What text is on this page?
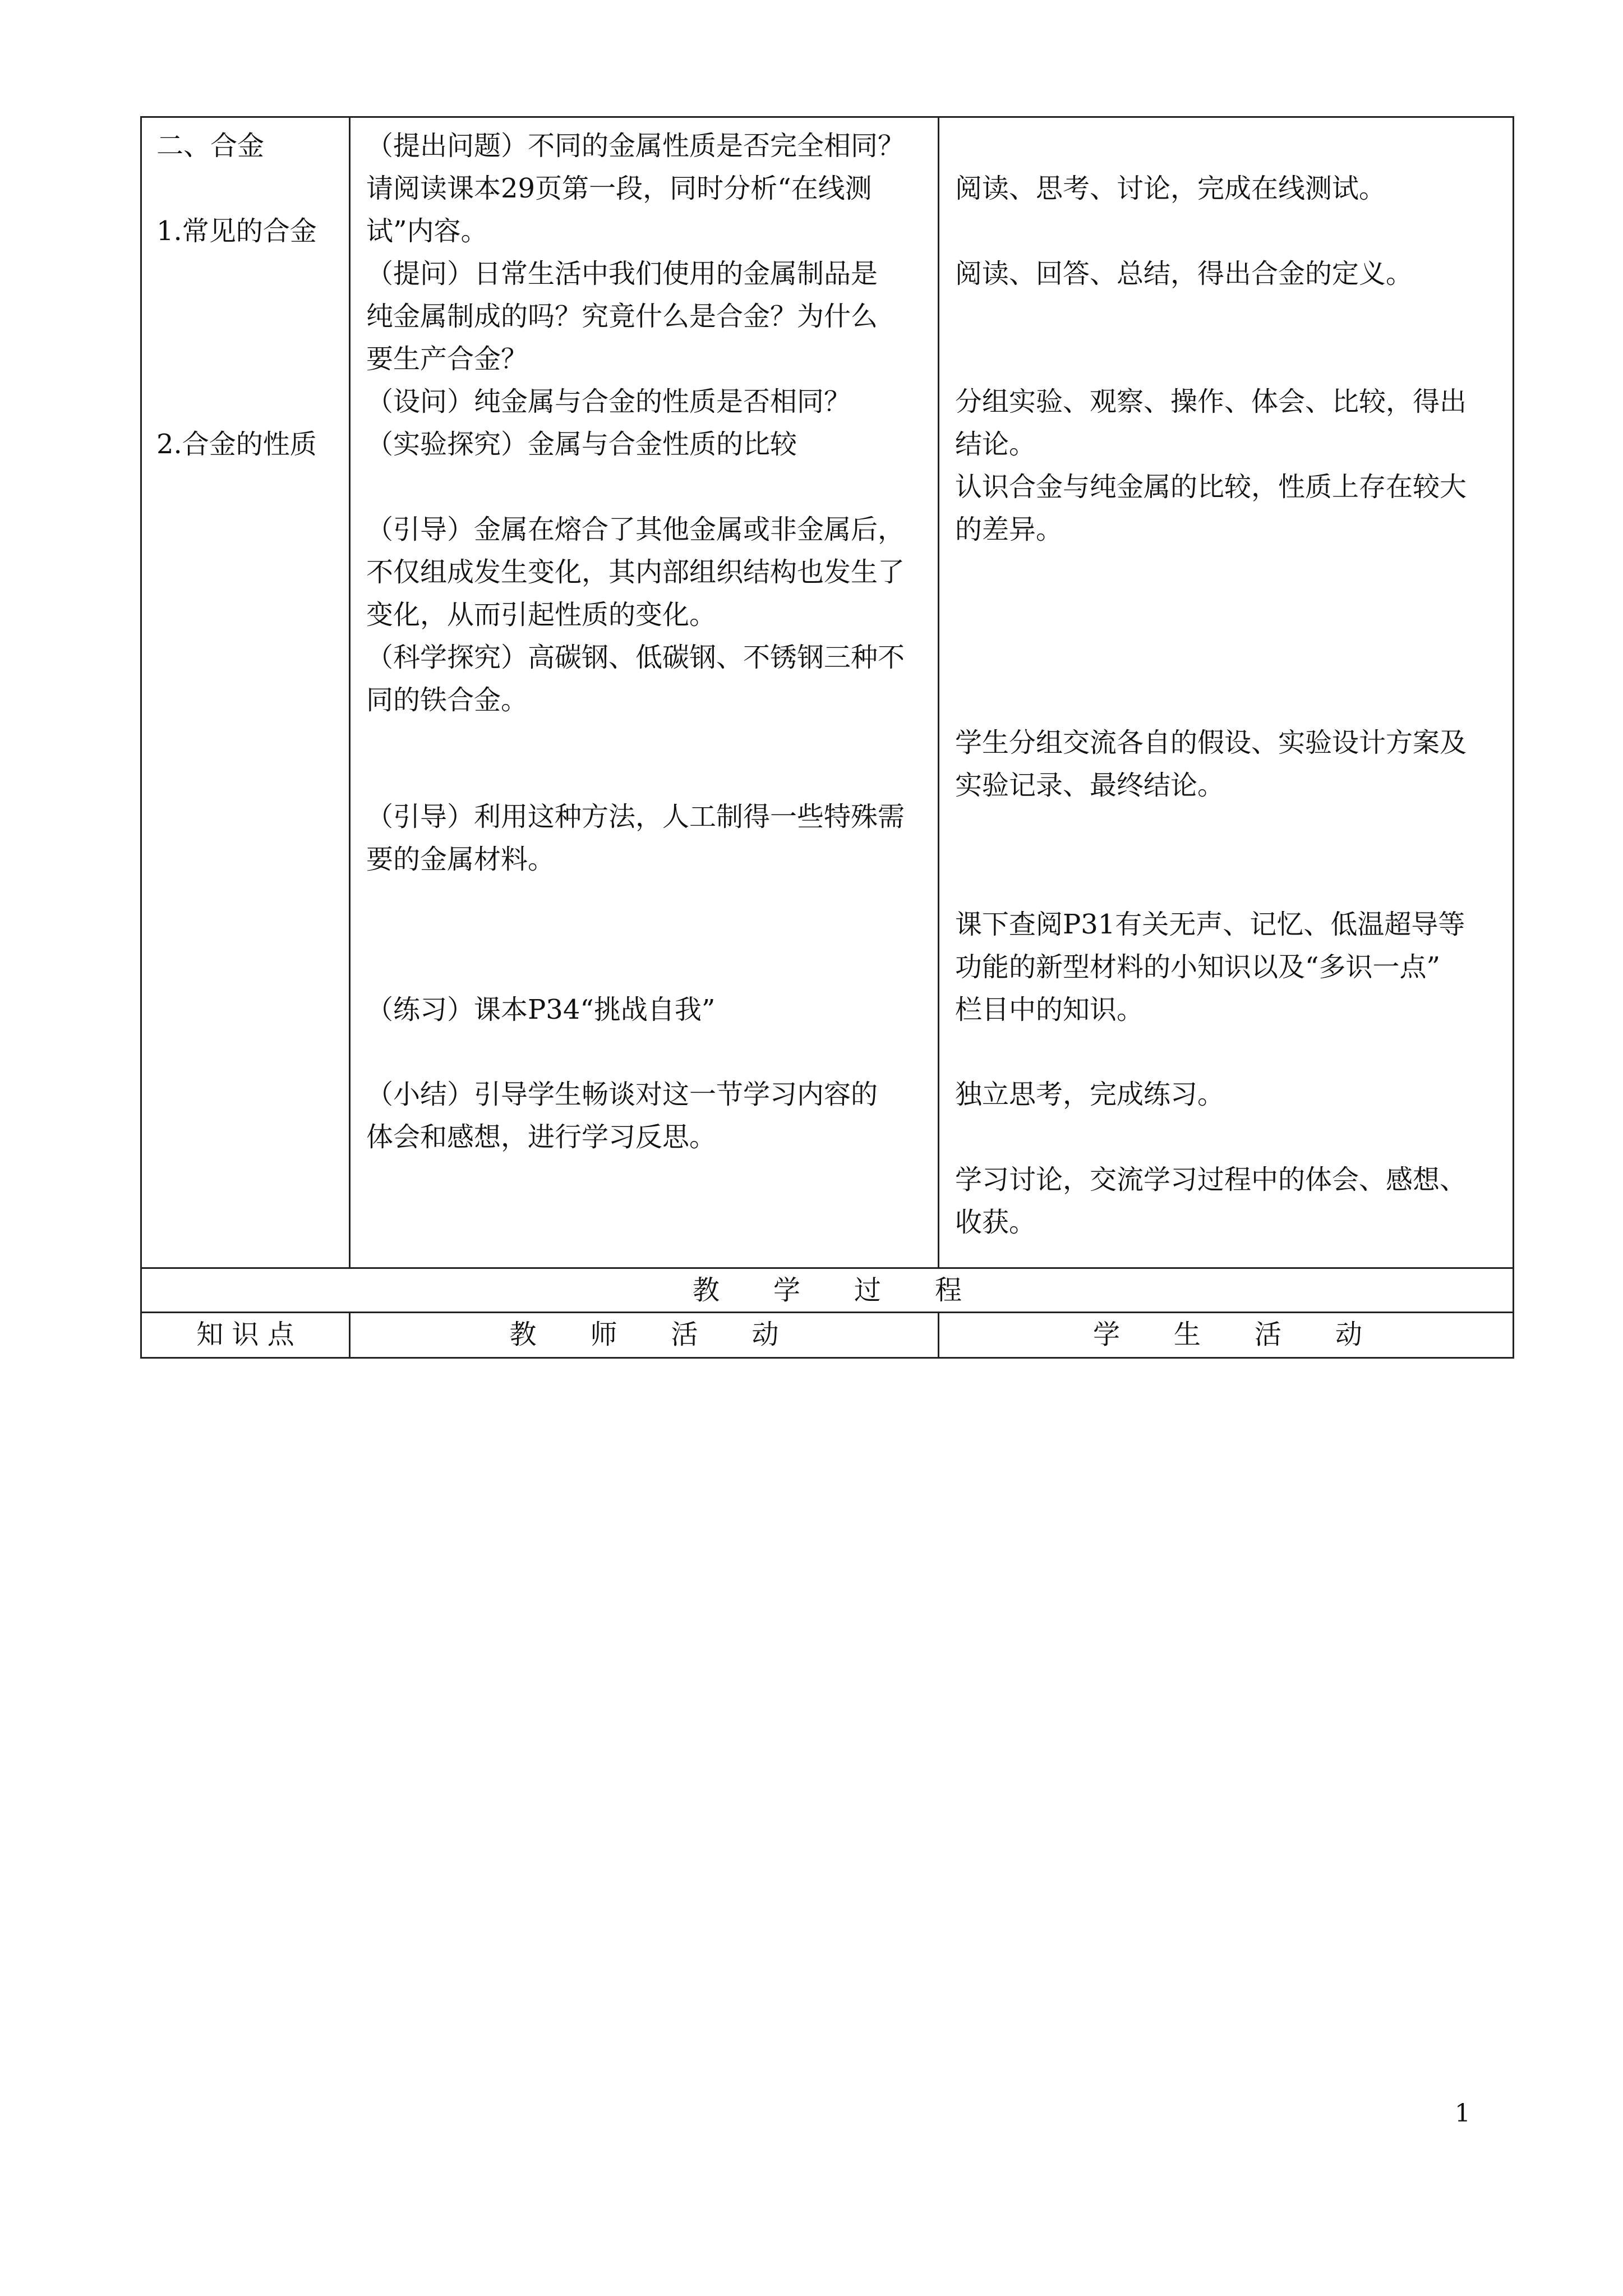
二、合金
1.常见的合金
2.合金的性质
（提出问题）不同的金属性质是否完全相同？
请阅读课本29页第一段，同时分析“在线测
试”内容。
（提问）日常生活中我们使用的金属制品是
纯金属制成的吗？究竟什么是合金？为什么
要生产合金？
（设问）纯金属与合金的性质是否相同？
（实验探究）金属与合金性质的比较
（引导）金属在熔合了其他金属或非金属后，
不仅组成发生变化，其内部组织结构也发生了
变化，从而引起性质的变化。
（科学探究）高碳钢、低碳钢、不锈钢三种不
同的铁合金。
（引导）利用这种方法，人工制得一些特殊需
要的金属材料。
（练习）课本P34“挑战自我”
（小结）引导学生畅谈对这一节学习内容的
体会和感想，进行学习反思。
阅读、思考、讨论，完成在线测试。
阅读、回答、总结，得出合金的定义。
分组实验、观察、操作、体会、比较，得出
结论。
认识合金与纯金属的比较，性质上存在较大
的差异。
学生分组交流各自的假设、实验设计方案及
实验记录、最终结论。
课下查阅P31有关无声、记忆、低温超导等
功能的新型材料的小知识以及“多识一点”
栏目中的知识。
独立思考，完成练习。
学习讨论，交流学习过程中的体会、感想、
收获。
教　　学　　过　　程
知 识 点	教　　师　　活　　动	学　　生　　活　　动
1
